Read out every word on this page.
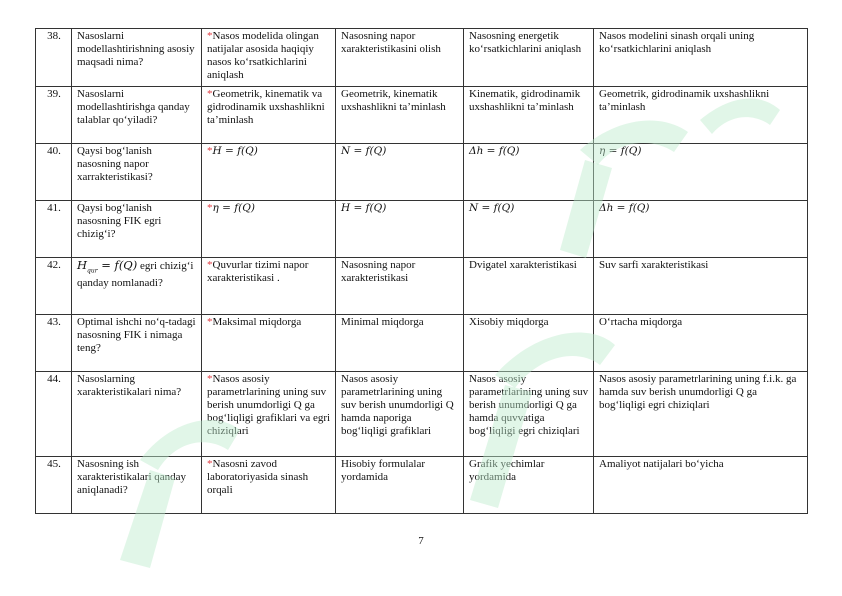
38.	Nasoslarni modellashtirishning asosiy maqsadi nima?	*Nasos modelida olingan natijalar asosida haqiqiy nasos ko‘rsatkichlarini aniqlash	Nasosning napor xarakteristikasini olish	Nasosning energetik ko‘rsatkichlarini aniqlash	Nasos modelini sinash orqali uning ko‘rsatkichlarini aniqlash
39.	Nasoslarni modellashtirishga qanday talablar qo‘yiladi?	*Geometrik, kinematik va gidrodinamik uxshashlikni ta’minlash	Geometrik, kinematik uxshashlikni ta’minlash	Kinematik, gidrodinamik uxshashlikni ta’minlash	Geometrik, gidrodinamik uxshashlikni ta’minlash
40.	Qaysi bog‘lanish nasosning napor xarrakteristikasi?	*H = f(Q)	N = f(Q)	Δh = f(Q)	η = f(Q)
41.	Qaysi bog‘lanish nasosning FIK egri chizig‘i?	*η = f(Q)	H = f(Q)	N = f(Q)	Δh = f(Q)
42.	$H_{qur} = f(Q)$ egri chizig‘i qanday nomlanadi?	*Quvurlar tizimi napor xarakteristikasi .	Nasosning napor xarakteristikasi	Dvigatel xarakteristikasi	Suv sarfi xarakteristikasi
43.	Optimal ishchi no‘q-tadagi nasosning FIK i nimaga teng?	*Maksimal miqdorga	Minimal miqdorga	Xisobiy miqdorga	O‘rtacha miqdorga
44.	Nasoslarning xarakteristikalari nima?	*Nasos asosiy parametrlarining uning suv berish unumdorligi Q ga bog‘liqligi grafiklari va egri chiziqlari	Nasos asosiy parametrlarining uning suv berish unumdorligi Q hamda naporiga bog‘liqligi grafiklari	Nasos asosiy parametrlarining uning suv berish unumdorligi Q ga hamda quvvatiga bog‘liqligi egri chiziqlari	Nasos asosiy parametrlarining uning f.i.k. ga hamda suv berish unumdorligi Q ga bog‘liqligi egri chiziqlari
45.	Nasosning ish xarakteristikalari qanday aniqlanadi?	*Nasosni zavod laboratoriyasida sinash orqali	Hisobiy formulalar yordamida	Grafik yechimlar yordamida	Amaliyot natijalari bo‘yicha
7
